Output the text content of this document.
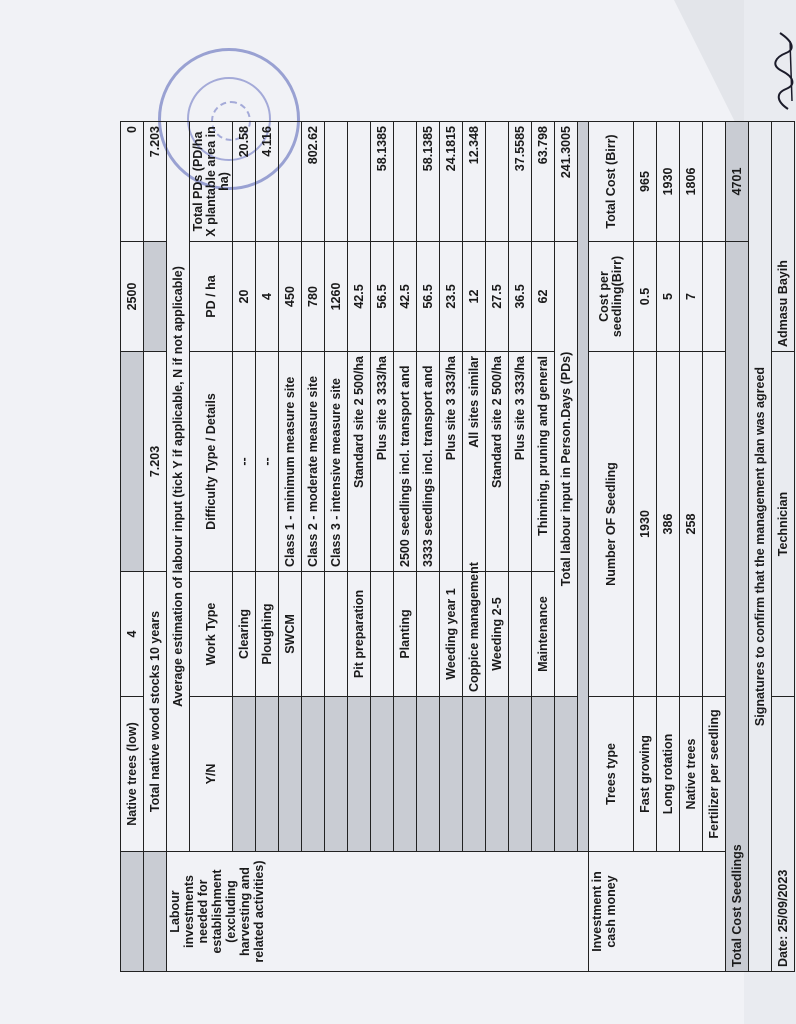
	Native trees (low)	4		2500	0
	Total native wood stocks 10 years		7.203		7.203
Labour investments needed for establishment (excluding harvesting and related activities)	Average estimation of labour input (tick Y if applicable, N if not applicable)				
	Y/N	Work Type	Difficulty Type / Details	PD / ha	Total PDs (PD/ha X plantable area in ha)
		Clearing	--	20	20.58
		Ploughing	--	4	4.116
		SWCM	Class 1 - minimum measure site	450	
			Class 2 - moderate measure site	780	802.62
			Class 3 - intensive measure site	1260	
		Pit preparation	Standard site 2 500/ha	42.5	
			Plus site 3 333/ha	56.5	58.1385
		Planting	2500 seedlings incl. transport and	42.5	
			3333 seedlings incl. transport and	56.5	58.1385
		Weeding year 1	Plus site 3 333/ha	23.5	24.1815
		Coppice management	All sites similar	12	12.348
		Weeding 2-5	Standard site 2 500/ha	27.5	
			Plus site 3 333/ha	36.5	37.5585
		Maintenance	Thinning, pruning and general	62	63.798
		Total labour input in Person.Days (PDs)			241.3005

Investment in cash money	Trees type	Number OF Seedling		Cost per seedling(Birr)	Total Cost (Birr)
	Fast growing	1930		0.5	965
	Long rotation	386		5	1930
	Native trees	258		7	1806
	Fertilizer per seedling				
Total Cost Seedlings					4701
Signatures to confirm that the management plan was agreed					
Date: 25/09/2023		Technician		Admasu Bayih	
